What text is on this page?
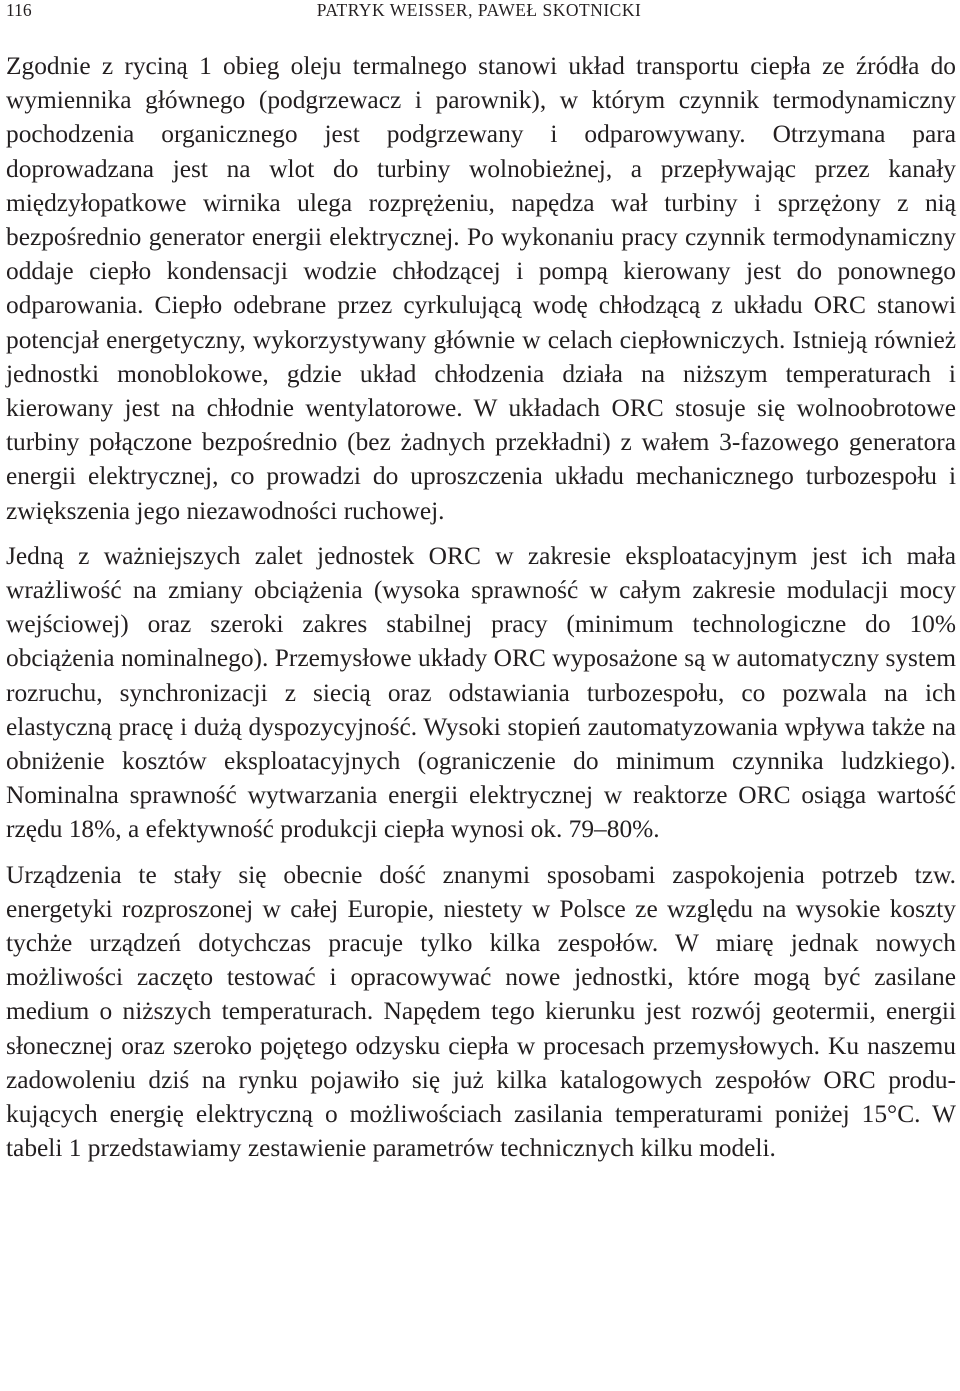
116	PATRYK WEISSER, PAWEŁ SKOTNICKI

Zgodnie z ryciną 1 obieg oleju termalnego stanowi układ transportu ciepła ze źródła do wymiennika głównego (podgrzewacz i parownik), w którym czynnik termodynamiczny pochodzenia organicznego jest podgrzewany i odparowywany. Otrzymana para doprowadzana jest na wlot do turbiny wolnobieżnej, a przepływając przez kanały międzyłopatkowe wirnika ulega rozprężeniu, napędza wał turbiny i sprzężony z nią bezpośrednio generator energii elektrycznej. Po wykonaniu pracy czynnik termodynamiczny oddaje ciepło kondensacji wodzie chłodzącej i pompą kierowany jest do ponownego odparowania. Ciepło odebrane przez cyrkulującą wodę chłodzącą z układu ORC stanowi potencjał energetyczny, wykorzystywany głównie w celach ciepłowniczych. Istnieją również jednostki monoblokowe, gdzie układ chłodzenia działa na niższym temperaturach i kierowany jest na chłodnie wentylatorowe. W układach ORC stosuje się wolnoobrotowe turbiny połączone bezpośrednio (bez żadnych przekładni) z wałem 3-fazowego generatora energii elektrycznej, co prowadzi do uproszczenia układu mechanicznego turbozespołu i zwiększenia jego niezawodności ruchowej.

Jedną z ważniejszych zalet jednostek ORC w zakresie eksploatacyjnym jest ich mała wrażliwość na zmiany obciążenia (wysoka sprawność w całym zakresie modulacji mocy wejściowej) oraz szeroki zakres stabilnej pracy (minimum technologiczne do 10% obciążenia nominalnego). Przemysłowe układy ORC wyposażone są w automatyczny system rozruchu, synchronizacji z siecią oraz odstawiania turbozespołu, co pozwala na ich elastyczną pracę i dużą dyspozycyjność. Wysoki stopień zautomatyzowania wpływa także na obniżenie kosztów eksploatacyjnych (ograniczenie do minimum czynnika ludzkiego). Nominalna sprawność wytwarzania energii elektrycznej w reaktorze ORC osiąga wartość rzędu 18%, a efektywność produkcji ciepła wynosi ok. 79–80%.

Urządzenia te stały się obecnie dość znanymi sposobami zaspokojenia potrzeb tzw. energetyki rozproszonej w całej Europie, niestety w Polsce ze względu na wysokie koszty tychże urządzeń dotychczas pracuje tylko kilka zespołów. W miarę jednak nowych możliwości zaczęto testować i opracowywać nowe jednostki, które mogą być zasilane medium o niższych temperaturach. Napędem tego kierunku jest rozwój geotermii, energii słonecznej oraz szeroko pojętego odzysku ciepła w procesach przemysłowych. Ku naszemu zadowoleniu dziś na rynku pojawiło się już kilka katalogowych zespołów ORC produkujących energię elektryczną o możliwościach zasilania temperaturami poniżej 15°C. W tabeli 1 przedstawiamy zestawienie parametrów technicznych kilku modeli.
